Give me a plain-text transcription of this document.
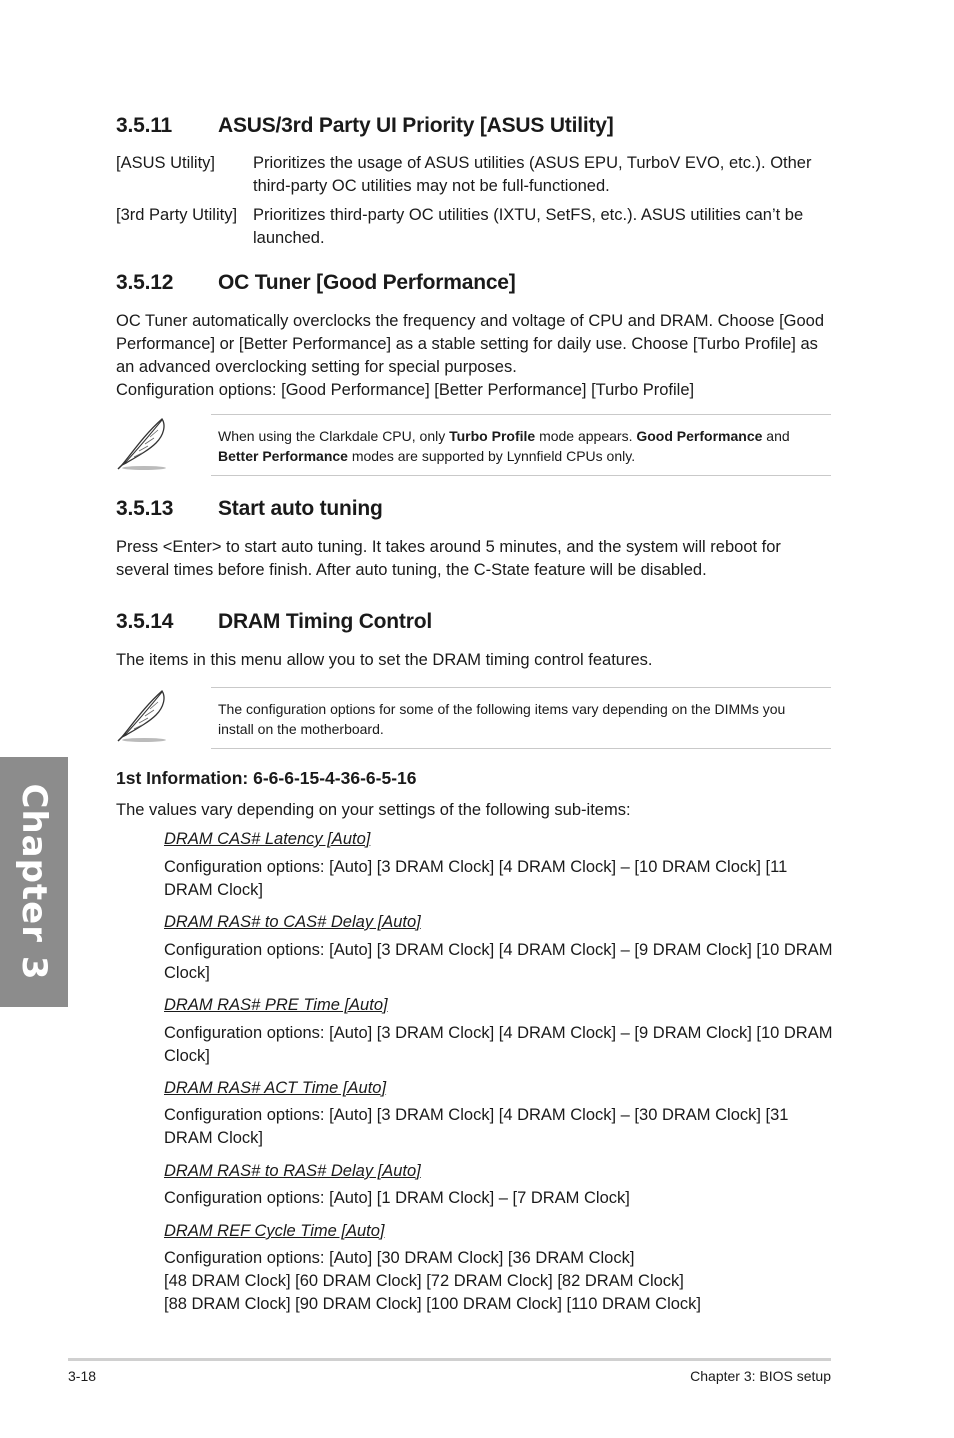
3.5.11 ASUS/3rd Party UI Priority [ASUS Utility]
[ASUS Utility] Prioritizes the usage of ASUS utilities (ASUS EPU, TurboV EVO, etc.). Other third-party OC utilities may not be full-functioned.
[3rd Party Utility] Prioritizes third-party OC utilities (IXTU, SetFS, etc.). ASUS utilities can’t be launched.
3.5.12 OC Tuner [Good Performance]

OC Tuner automatically overclocks the frequency and voltage of CPU and DRAM. Choose [Good Performance] or [Better Performance] as a stable setting for daily use. Choose [Turbo Profile] as an advanced overclocking setting for special purposes.

Configuration options: [Good Performance] [Better Performance] [Turbo Profile]

When using the Clarkdale CPU, only Turbo Profile mode appears. Good Performance and Better Performance modes are supported by Lynnfield CPUs only.
3.5.13 Start auto tuning

Press <Enter> to start auto tuning. It takes around 5 minutes, and the system will reboot for several times before finish. After auto tuning, the C-State feature will be disabled.

3.5.14 DRAM Timing Control

The items in this menu allow you to set the DRAM timing control features.

The configuration options for some of the following items vary depending on the DIMMs you install on the motherboard.
1st Information: 6-6-6-15-4-36-6-5-16

The values vary depending on your settings of the following sub-items:

DRAM CAS# Latency [Auto]
Configuration options: [Auto] [3 DRAM Clock] [4 DRAM Clock] – [10 DRAM Clock] [11 DRAM Clock]
DRAM RAS# to CAS# Delay [Auto]
Configuration options: [Auto] [3 DRAM Clock] [4 DRAM Clock] – [9 DRAM Clock] [10 DRAM Clock]
DRAM RAS# PRE Time [Auto]
Configuration options: [Auto] [3 DRAM Clock] [4 DRAM Clock] – [9 DRAM Clock] [10 DRAM Clock]
DRAM RAS# ACT Time [Auto]
Configuration options: [Auto] [3 DRAM Clock] [4 DRAM Clock] – [30 DRAM Clock] [31 DRAM Clock]
DRAM RAS# to RAS# Delay [Auto]
Configuration options: [Auto] [1 DRAM Clock] – [7 DRAM Clock]
DRAM REF Cycle Time [Auto]
Configuration options: [Auto] [30 DRAM Clock] [36 DRAM Clock]
[48 DRAM Clock] [60 DRAM Clock] [72 DRAM Clock] [82 DRAM Clock]
[88 DRAM Clock] [90 DRAM Clock] [100 DRAM Clock] [110 DRAM Clock]
Chapter 3
3-18	Chapter 3: BIOS setup
